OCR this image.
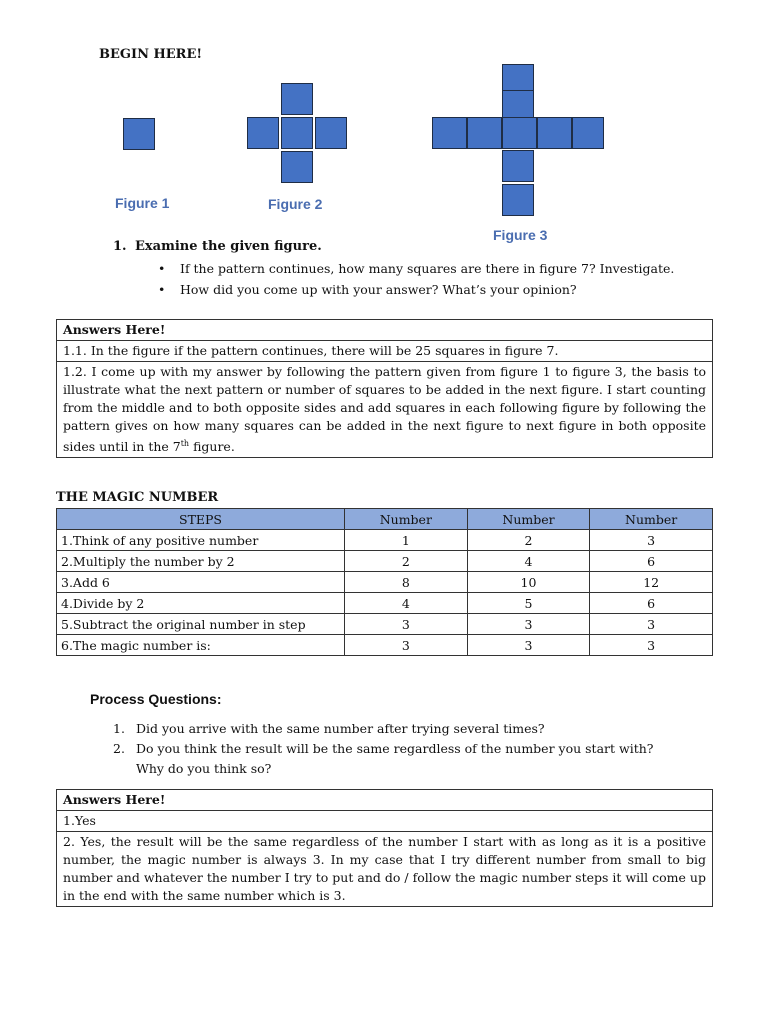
BEGIN HERE!
Figure 1	Figure 2
Figure 3
1. Examine the given figure.
• If the pattern continues, how many squares are there in figure 7? Investigate.
• How did you come up with your answer? What’s your opinion?
Answers Here!
1.1. In the figure if the pattern continues, there will be 25 squares in figure 7.
1.2. I come up with my answer by following the pattern given from figure 1 to figure 3, the basis to illustrate what the next pattern or number of squares to be added in the next figure. I start counting from the middle and to both opposite sides and add squares in each following figure by following the pattern gives on how many squares can be added in the next figure to next figure in both opposite sides until in the 7th figure.
THE MAGIC NUMBER
STEPS	Number	Number	Number
1.Think of any positive number	1	2	3
2.Multiply the number by 2	2	4	6
3.Add 6	8	10	12
4.Divide by 2	4	5	6
5.Subtract the original number in step	3	3	3
6.The magic number is:	3	3	3
Process Questions:
1. Did you arrive with the same number after trying several times?
2. Do you think the result will be the same regardless of the number you start with?
Why do you think so?
Answers Here!
1.Yes
2. Yes, the result will be the same regardless of the number I start with as long as it is a positive number, the magic number is always 3. In my case that I try different number from small to big number and whatever the number I try to put and do / follow the magic number steps it will come up in the end with the same number which is 3.
